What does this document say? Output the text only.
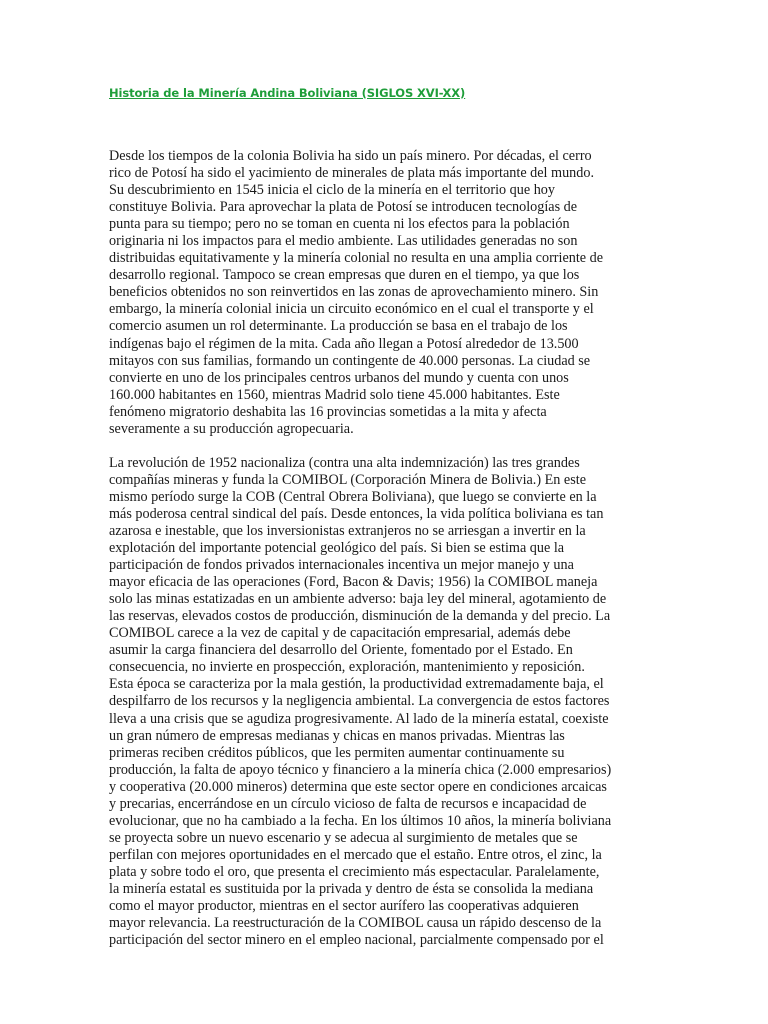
Historia de la Minería Andina Boliviana (SIGLOS XVI-XX)

Desde los tiempos de la colonia Bolivia ha sido un país minero. Por décadas, el cerro
rico de Potosí ha sido el yacimiento de minerales de plata más importante del mundo.
Su descubrimiento en 1545 inicia el ciclo de la minería en el territorio que hoy
constituye Bolivia. Para aprovechar la plata de Potosí se introducen tecnologías de
punta para su tiempo; pero no se toman en cuenta ni los efectos para la población
originaria ni los impactos para el medio ambiente. Las utilidades generadas no son
distribuidas equitativamente y la minería colonial no resulta en una amplia corriente de
desarrollo regional. Tampoco se crean empresas que duren en el tiempo, ya que los
beneficios obtenidos no son reinvertidos en las zonas de aprovechamiento minero. Sin
embargo, la minería colonial inicia un circuito económico en el cual el transporte y el
comercio asumen un rol determinante. La producción se basa en el trabajo de los
indígenas bajo el régimen de la mita. Cada año llegan a Potosí alrededor de 13.500
mitayos con sus familias, formando un contingente de 40.000 personas. La ciudad se
convierte en uno de los principales centros urbanos del mundo y cuenta con unos
160.000 habitantes en 1560, mientras Madrid solo tiene 45.000 habitantes. Este
fenómeno migratorio deshabita las 16 provincias sometidas a la mita y afecta
severamente a su producción agropecuaria.

La revolución de 1952 nacionaliza (contra una alta indemnización) las tres grandes
compañías mineras y funda la COMIBOL (Corporación Minera de Bolivia.) En este
mismo período surge la COB (Central Obrera Boliviana), que luego se convierte en la
más poderosa central sindical del país. Desde entonces, la vida política boliviana es tan
azarosa e inestable, que los inversionistas extranjeros no se arriesgan a invertir en la
explotación del importante potencial geológico del país. Si bien se estima que la
participación de fondos privados internacionales incentiva un mejor manejo y una
mayor eficacia de las operaciones (Ford, Bacon & Davis; 1956) la COMIBOL maneja
solo las minas estatizadas en un ambiente adverso: baja ley del mineral, agotamiento de
las reservas, elevados costos de producción, disminución de la demanda y del precio. La
COMIBOL carece a la vez de capital y de capacitación empresarial, además debe
asumir la carga financiera del desarrollo del Oriente, fomentado por el Estado. En
consecuencia, no invierte en prospección, exploración, mantenimiento y reposición.
Esta época se caracteriza por la mala gestión, la productividad extremadamente baja, el
despilfarro de los recursos y la negligencia ambiental. La convergencia de estos factores
lleva a una crisis que se agudiza progresivamente. Al lado de la minería estatal, coexiste
un gran número de empresas medianas y chicas en manos privadas. Mientras las
primeras reciben créditos públicos, que les permiten aumentar continuamente su
producción, la falta de apoyo técnico y financiero a la minería chica (2.000 empresarios)
y cooperativa (20.000 mineros) determina que este sector opere en condiciones arcaicas
y precarias, encerrándose en un círculo vicioso de falta de recursos e incapacidad de
evolucionar, que no ha cambiado a la fecha. En los últimos 10 años, la minería boliviana
se proyecta sobre un nuevo escenario y se adecua al surgimiento de metales que se
perfilan con mejores oportunidades en el mercado que el estaño. Entre otros, el zinc, la
plata y sobre todo el oro, que presenta el crecimiento más espectacular. Paralelamente,
la minería estatal es sustituida por la privada y dentro de ésta se consolida la mediana
como el mayor productor, mientras en el sector aurífero las cooperativas adquieren
mayor relevancia. La reestructuración de la COMIBOL causa un rápido descenso de la
participación del sector minero en el empleo nacional, parcialmente compensado por el
